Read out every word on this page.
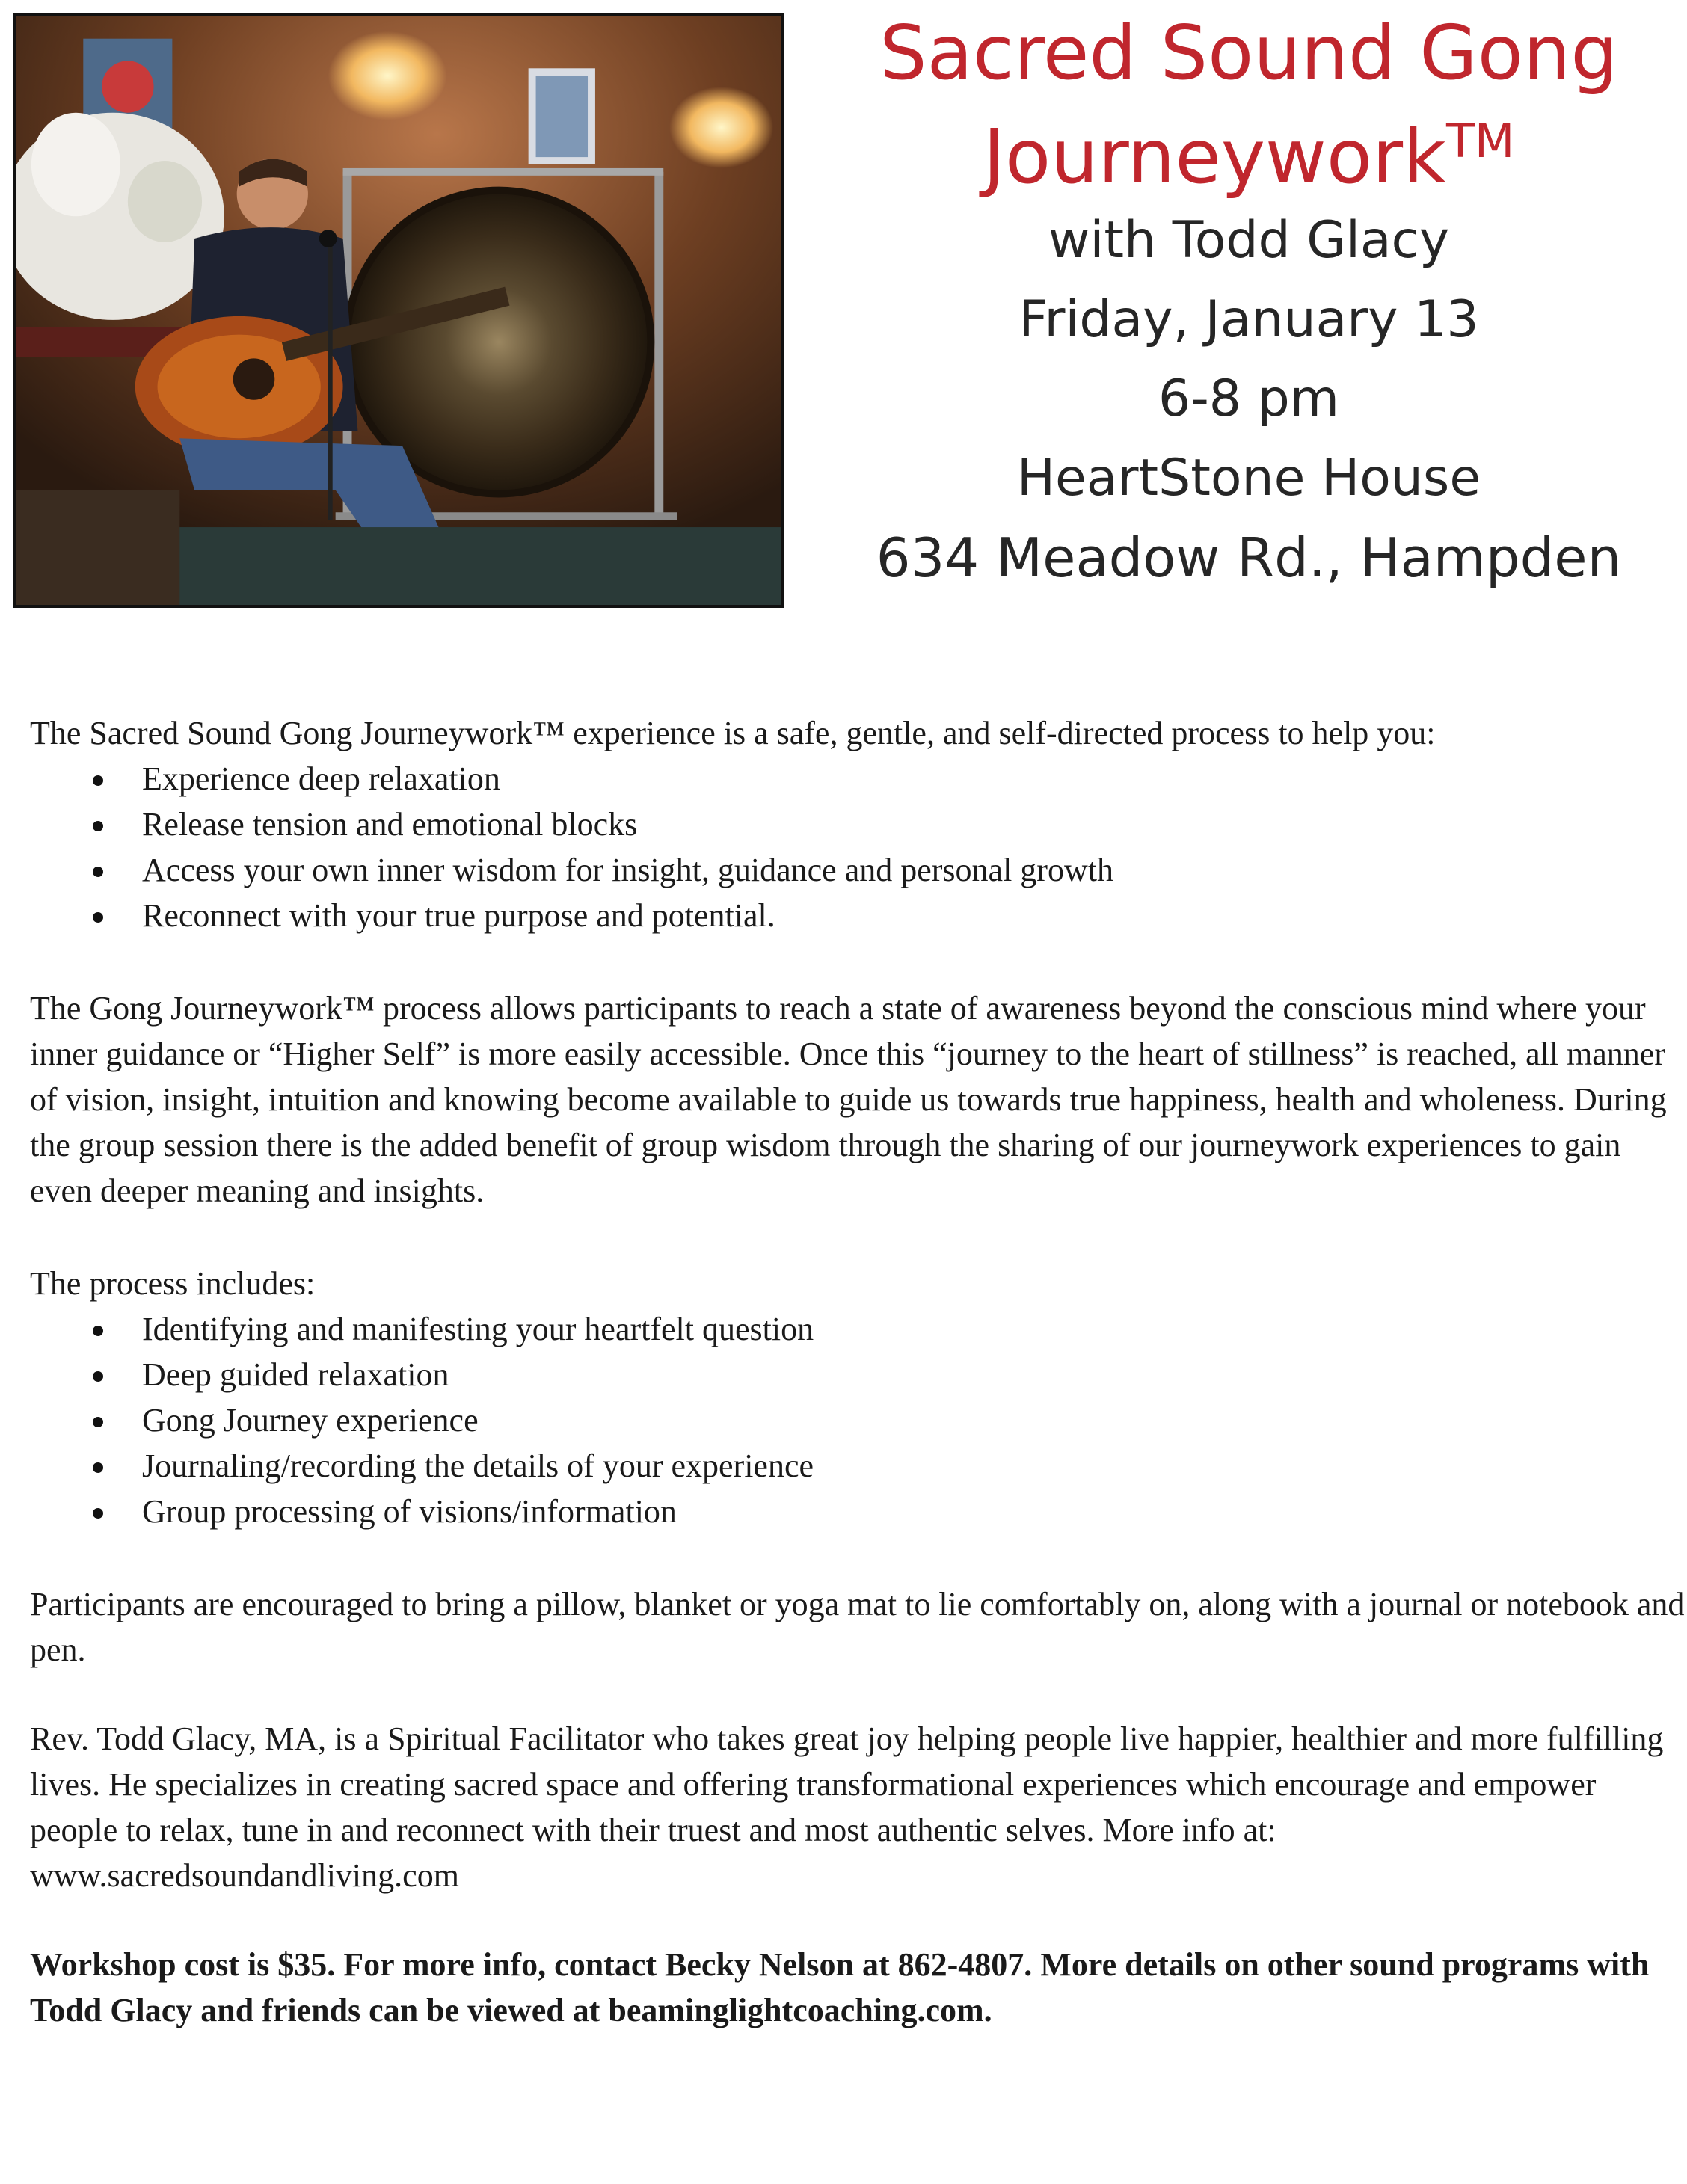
Sacred Sound Gong
Journeywork™

with Todd Glacy

Friday, January 13

6-8 pm

HeartStone House

634 Meadow Rd., Hampden

The Sacred Sound Gong Journeywork™ experience is a safe, gentle, and self-directed process to help you:

Experience deep relaxation
Release tension and emotional blocks
Access your own inner wisdom for insight, guidance and personal growth
Reconnect with your true purpose and potential.

The Gong Journeywork™ process allows participants to reach a state of awareness beyond the conscious mind where your inner guidance or “Higher Self” is more easily accessible. Once this “journey to the heart of stillness” is reached, all manner of vision, insight, intuition and knowing become available to guide us towards true happiness, health and wholeness. During the group session there is the added benefit of group wisdom through the sharing of our journeywork experiences to gain even deeper meaning and insights.

The process includes:

Identifying and manifesting your heartfelt question
Deep guided relaxation
Gong Journey experience
Journaling/recording the details of your experience
Group processing of visions/information

Participants are encouraged to bring a pillow, blanket or yoga mat to lie comfortably on, along with a journal or notebook and pen.

Rev. Todd Glacy, MA, is a Spiritual Facilitator who takes great joy helping people live happier, healthier and more fulfilling lives. He specializes in creating sacred space and offering transformational experiences which encourage and empower people to relax, tune in and reconnect with their truest and most authentic selves. More info at: www.sacredsoundandliving.com

Workshop cost is $35. For more info, contact Becky Nelson at 862-4807. More details on other sound programs with Todd Glacy and friends can be viewed at beaminglightcoaching.com.
